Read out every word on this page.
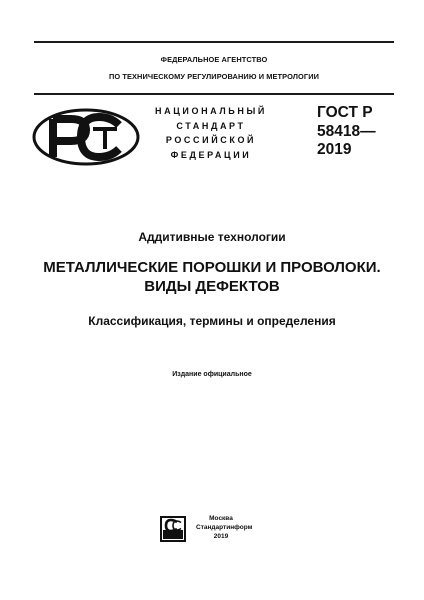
ФЕДЕРАЛЬНОЕ АГЕНТСТВО
ПО ТЕХНИЧЕСКОМУ РЕГУЛИРОВАНИЮ И МЕТРОЛОГИИ
НАЦИОНАЛЬНЫЙ
СТАНДАРТ
РОССИЙСКОЙ
ФЕДЕРАЦИИ
ГОСТ Р
58418—
2019
Аддитивные технологии
МЕТАЛЛИЧЕСКИЕ ПОРОШКИ И ПРОВОЛОКИ.
ВИДЫ ДЕФЕКТОВ
Классификация, термины и определения
Издание официальное
Москва
Стандартинформ
2019
